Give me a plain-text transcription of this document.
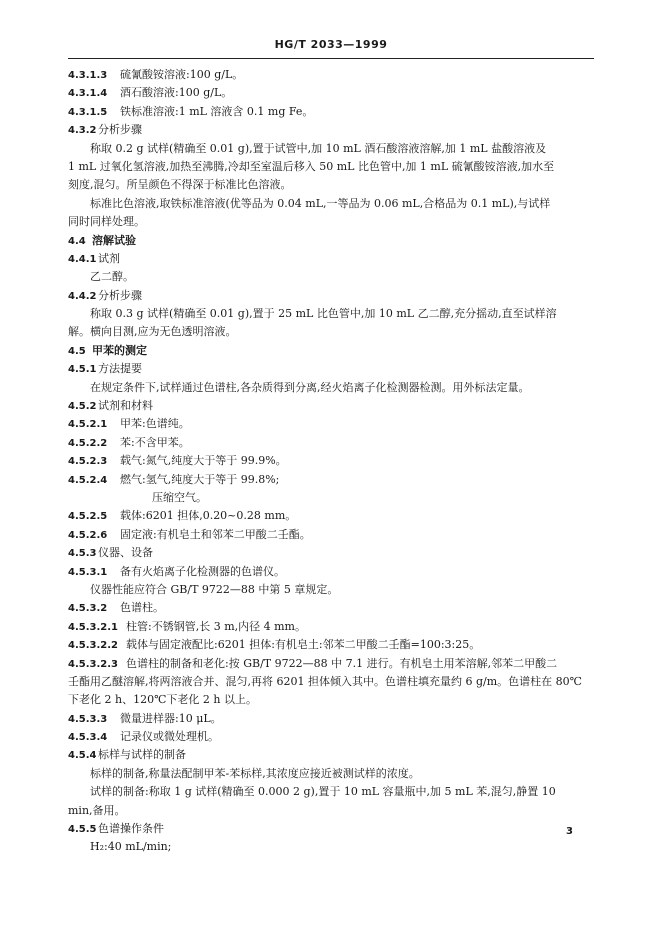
HG/T 2033—1999
4.3.1.3 硫氰酸铵溶液:100 g/L。
4.3.1.4 酒石酸溶液:100 g/L。
4.3.1.5 铁标准溶液:1 mL 溶液含 0.1 mg Fe。
4.3.2 分析步骤
称取 0.2 g 试样(精确至 0.01 g),置于试管中,加 10 mL 酒石酸溶液溶解,加 1 mL 盐酸溶液及
1 mL 过氧化氢溶液,加热至沸腾,冷却至室温后移入 50 mL 比色管中,加 1 mL 硫氰酸铵溶液,加水至
刻度,混匀。所呈颜色不得深于标准比色溶液。
标准比色溶液,取铁标准溶液(优等品为 0.04 mL,一等品为 0.06 mL,合格品为 0.1 mL),与试样
同时同样处理。
4.4 溶解试验
4.4.1 试剂
乙二醇。
4.4.2 分析步骤
称取 0.3 g 试样(精确至 0.01 g),置于 25 mL 比色管中,加 10 mL 乙二醇,充分摇动,直至试样溶
解。横向目测,应为无色透明溶液。
4.5 甲苯的测定
4.5.1 方法提要
在规定条件下,试样通过色谱柱,各杂质得到分离,经火焰离子化检测器检测。用外标法定量。
4.5.2 试剂和材料
4.5.2.1 甲苯:色谱纯。
4.5.2.2 苯:不含甲苯。
4.5.2.3 载气:氮气,纯度大于等于 99.9%。
4.5.2.4 燃气:氢气,纯度大于等于 99.8%;
压缩空气。
4.5.2.5 载体:6201 担体,0.20~0.28 mm。
4.5.2.6 固定液:有机皂土和邻苯二甲酸二壬酯。
4.5.3 仪器、设备
4.5.3.1 备有火焰离子化检测器的色谱仪。
仪器性能应符合 GB/T 9722—88 中第 5 章规定。
4.5.3.2 色谱柱。
4.5.3.2.1 柱管:不锈钢管,长 3 m,内径 4 mm。
4.5.3.2.2 载体与固定液配比:6201 担体:有机皂土:邻苯二甲酸二壬酯=100:3:25。
4.5.3.2.3 色谱柱的制备和老化:按 GB/T 9722—88 中 7.1 进行。有机皂土用苯溶解,邻苯二甲酸二
壬酯用乙醚溶解,将两溶液合并、混匀,再将 6201 担体倾入其中。色谱柱填充量约 6 g/m。色谱柱在 80℃
下老化 2 h、120℃下老化 2 h 以上。
4.5.3.3 微量进样器:10 μL。
4.5.3.4 记录仪或微处理机。
4.5.4 标样与试样的制备
标样的制备,称量法配制甲苯-苯标样,其浓度应接近被测试样的浓度。
试样的制备:称取 1 g 试样(精确至 0.000 2 g),置于 10 mL 容量瓶中,加 5 mL 苯,混匀,静置 10
min,备用。
4.5.5 色谱操作条件
H₂:40 mL/min;
3
